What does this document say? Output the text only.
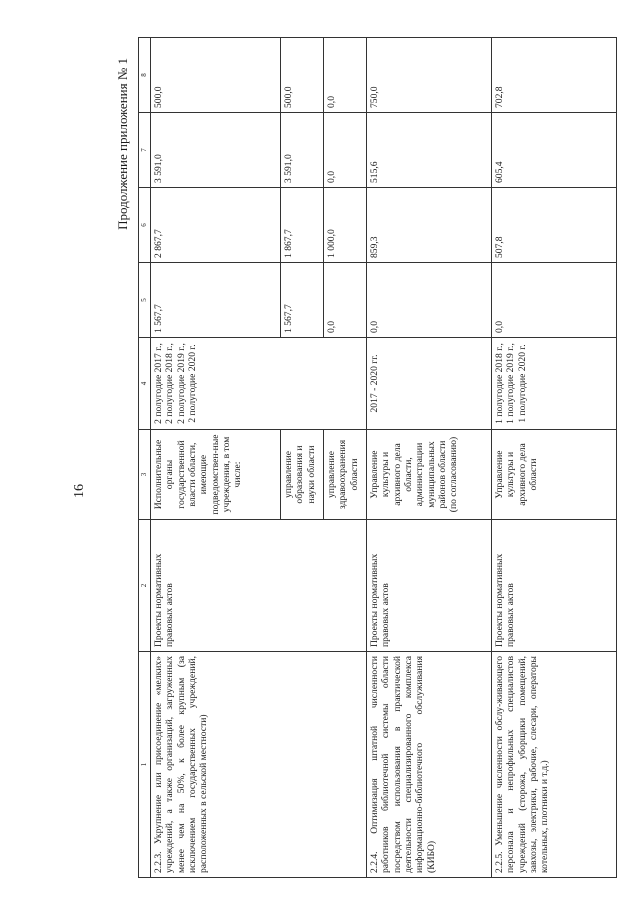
16
Продолжение приложения № 1
1	2	3	4	5	6	7	8
2.2.3. Укрупнение или присоединение «мелких» учреждений, а также организаций, загруженных менее чем на 50%, к более крупным (за исключением государственных учреждений, расположенных в сельской местности)	Проекты нормативных правовых актов	Исполнительные органы государственной власти области, имеющие подведомствен-ные учреждения, в том числе:	2 полугодие 2017 г., 2 полугодие 2018 г., 2 полугодие 2019 г., 2 полугодие 2020 г.	1 567,7	2 867,7	3 591,0	500,0
		управление образования и науки области		1 567,7	1 867,7	3 591,0	500,0
		управление здравоохранения области		0,0	1 000,0	0,0	0,0
2.2.4. Оптимизация штатной численности работников библиотечной системы области посредством использования в практической деятельности специализированного комплекса информационно-библиотечного обслуживания (КИБО)	Проекты нормативных правовых актов	Управление культуры и архивного дела области, администрации муниципальных районов области (по согласованию)	2017 - 2020 гг.	0,0	859,3	515,6	750,0
2.2.5. Уменьшение численности обслу-живающего персонала и непрофильных специалистов учреждений (сторожа, уборщики помещений, завхозы, электрики, рабочие, слесари, операторы котельных, плотники и т.д.)	Проекты нормативных правовых актов	Управление культуры и архивного дела области	1 полугодие 2018 г., 1 полугодие 2019 г., 1 полугодие 2020 г.	0,0	507,8	605,4	702,8
